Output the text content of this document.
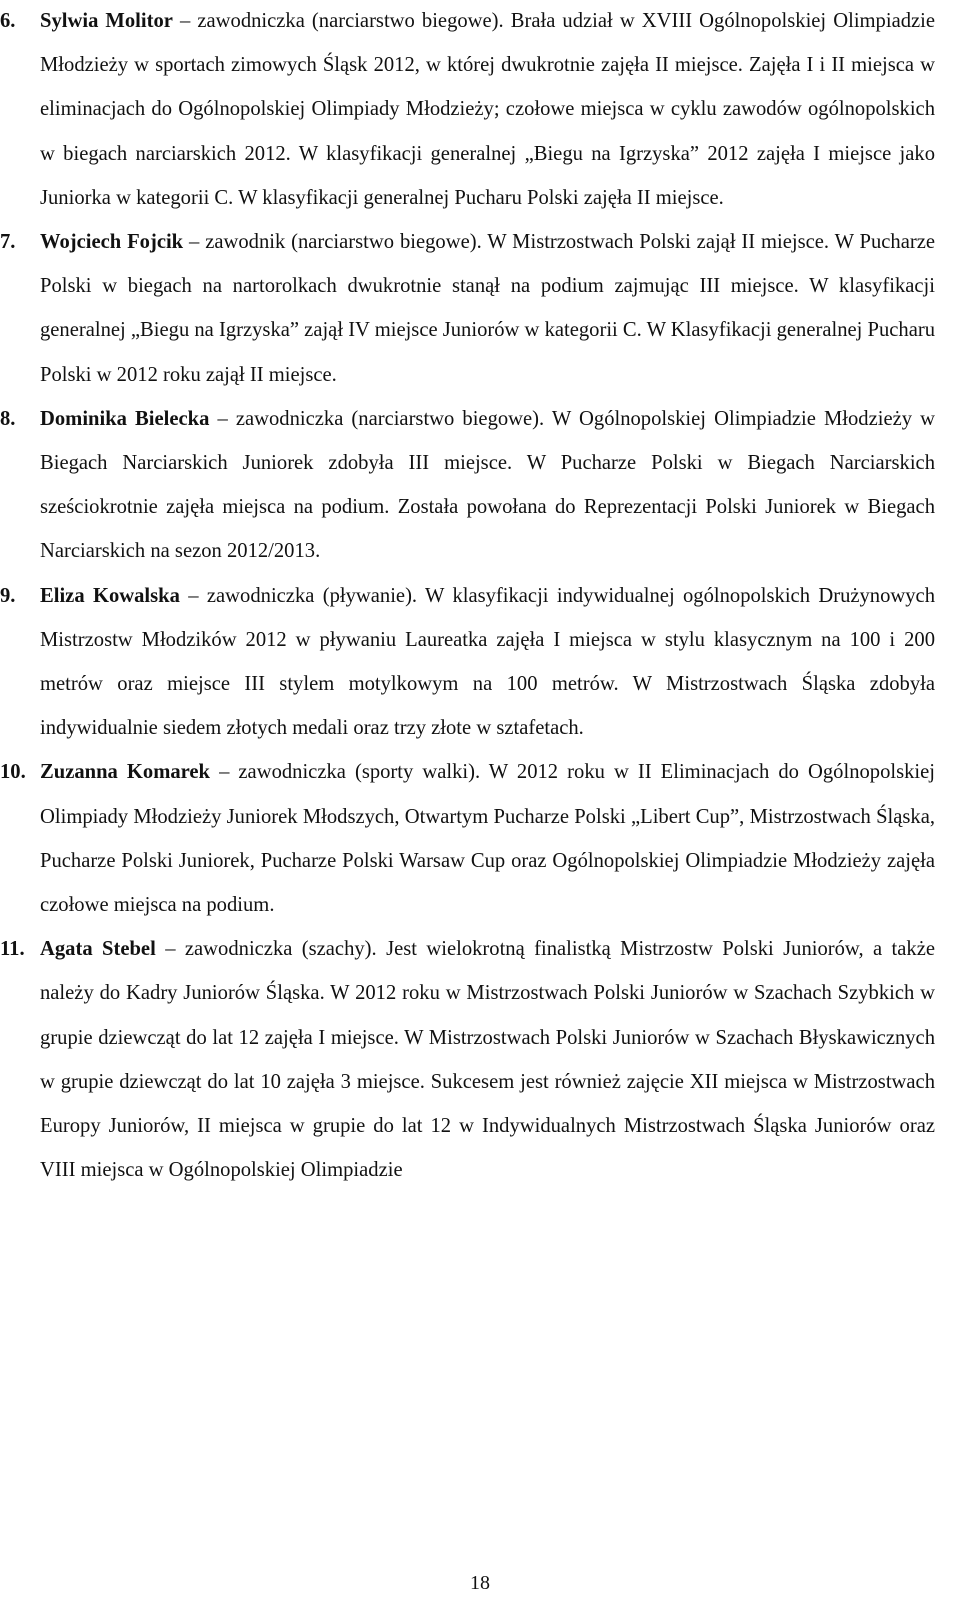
6. Sylwia Molitor – zawodniczka (narciarstwo biegowe). Brała udział w XVIII Ogólnopolskiej Olimpiadzie Młodzieży w sportach zimowych Śląsk 2012, w której dwukrotnie zajęła II miejsce. Zajęła I i II miejsca w eliminacjach do Ogólnopolskiej Olimpiady Młodzieży; czołowe miejsca w cyklu zawodów ogólnopolskich w biegach narciarskich 2012. W klasyfikacji generalnej „Biegu na Igrzyska” 2012 zajęła I miejsce jako Juniorka w kategorii C. W klasyfikacji generalnej Pucharu Polski zajęła II miejsce.
7. Wojciech Fojcik – zawodnik (narciarstwo biegowe). W Mistrzostwach Polski zajął II miejsce. W Pucharze Polski w biegach na nartorolkach dwukrotnie stanął na podium zajmując III miejsce. W klasyfikacji generalnej „Biegu na Igrzyska” zajął IV miejsce Juniorów w kategorii C. W Klasyfikacji generalnej Pucharu Polski w 2012 roku zajął II miejsce.
8. Dominika Bielecka – zawodniczka (narciarstwo biegowe). W Ogólnopolskiej Olimpiadzie Młodzieży w Biegach Narciarskich Juniorek zdobyła III miejsce. W Pucharze Polski w Biegach Narciarskich sześciokrotnie zajęła miejsca na podium. Została powołana do Reprezentacji Polski Juniorek w Biegach Narciarskich na sezon 2012/2013.
9. Eliza Kowalska – zawodniczka (pływanie). W klasyfikacji indywidualnej ogólnopolskich Drużynowych Mistrzostw Młodzików 2012 w pływaniu Laureatka zajęła I miejsca w stylu klasycznym na 100 i 200 metrów oraz miejsce III stylem motylkowym na 100 metrów. W Mistrzostwach Śląska zdobyła indywidualnie siedem złotych medali oraz trzy złote w sztafetach.
10. Zuzanna Komarek – zawodniczka (sporty walki). W 2012 roku w II Eliminacjach do Ogólnopolskiej Olimpiady Młodzieży Juniorek Młodszych, Otwartym Pucharze Polski „Libert Cup”, Mistrzostwach Śląska, Pucharze Polski Juniorek, Pucharze Polski Warsaw Cup oraz Ogólnopolskiej Olimpiadzie Młodzieży zajęła czołowe miejsca na podium.
11. Agata Stebel – zawodniczka (szachy). Jest wielokrotną finalistką Mistrzostw Polski Juniorów, a także należy do Kadry Juniorów Śląska. W 2012 roku w Mistrzostwach Polski Juniorów w Szachach Szybkich w grupie dziewcząt do lat 12 zajęła I miejsce. W Mistrzostwach Polski Juniorów w Szachach Błyskawicznych w grupie dziewcząt do lat 10 zajęła 3 miejsce. Sukcesem jest również zajęcie XII miejsca w Mistrzostwach Europy Juniorów, II miejsca w grupie do lat 12 w Indywidualnych Mistrzostwach Śląska Juniorów oraz VIII miejsca w Ogólnopolskiej Olimpiadzie
18
